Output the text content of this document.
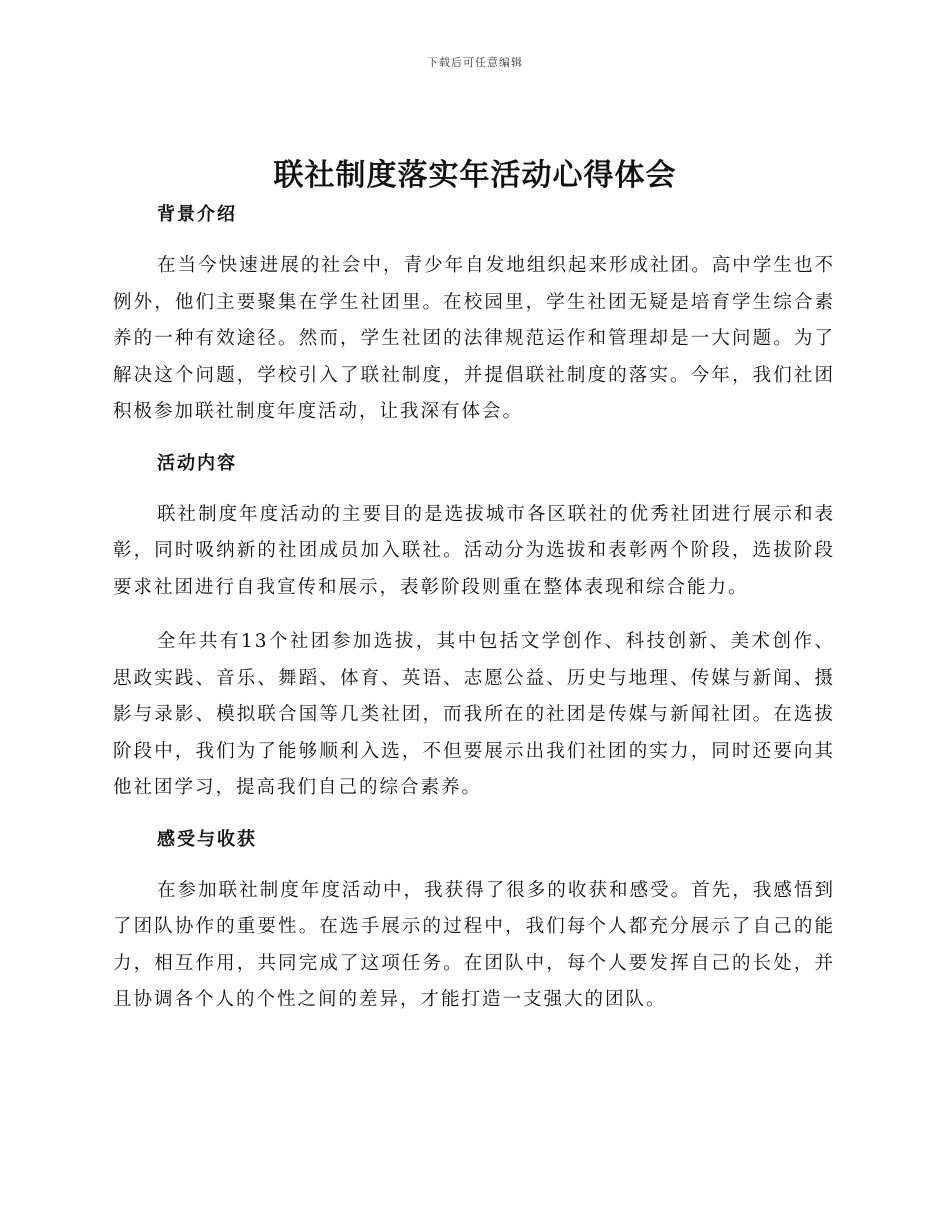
下载后可任意编辑
联社制度落实年活动心得体会
背景介绍

在当今快速进展的社会中，青少年自发地组织起来形成社团。高中学生也不例外，他们主要聚集在学生社团里。在校园里，学生社团无疑是培育学生综合素养的一种有效途径。然而，学生社团的法律规范运作和管理却是一大问题。为了解决这个问题，学校引入了联社制度，并提倡联社制度的落实。今年，我们社团积极参加联社制度年度活动，让我深有体会。

活动内容

联社制度年度活动的主要目的是选拔城市各区联社的优秀社团进行展示和表彰，同时吸纳新的社团成员加入联社。活动分为选拔和表彰两个阶段，选拔阶段要求社团进行自我宣传和展示，表彰阶段则重在整体表现和综合能力。

全年共有13个社团参加选拔，其中包括文学创作、科技创新、美术创作、思政实践、音乐、舞蹈、体育、英语、志愿公益、历史与地理、传媒与新闻、摄影与录影、模拟联合国等几类社团，而我所在的社团是传媒与新闻社团。在选拔阶段中，我们为了能够顺利入选，不但要展示出我们社团的实力，同时还要向其他社团学习，提高我们自己的综合素养。

感受与收获

在参加联社制度年度活动中，我获得了很多的收获和感受。首先，我感悟到了团队协作的重要性。在选手展示的过程中，我们每个人都充分展示了自己的能力，相互作用，共同完成了这项任务。在团队中，每个人要发挥自己的长处，并且协调各个人的个性之间的差异，才能打造一支强大的团队。
